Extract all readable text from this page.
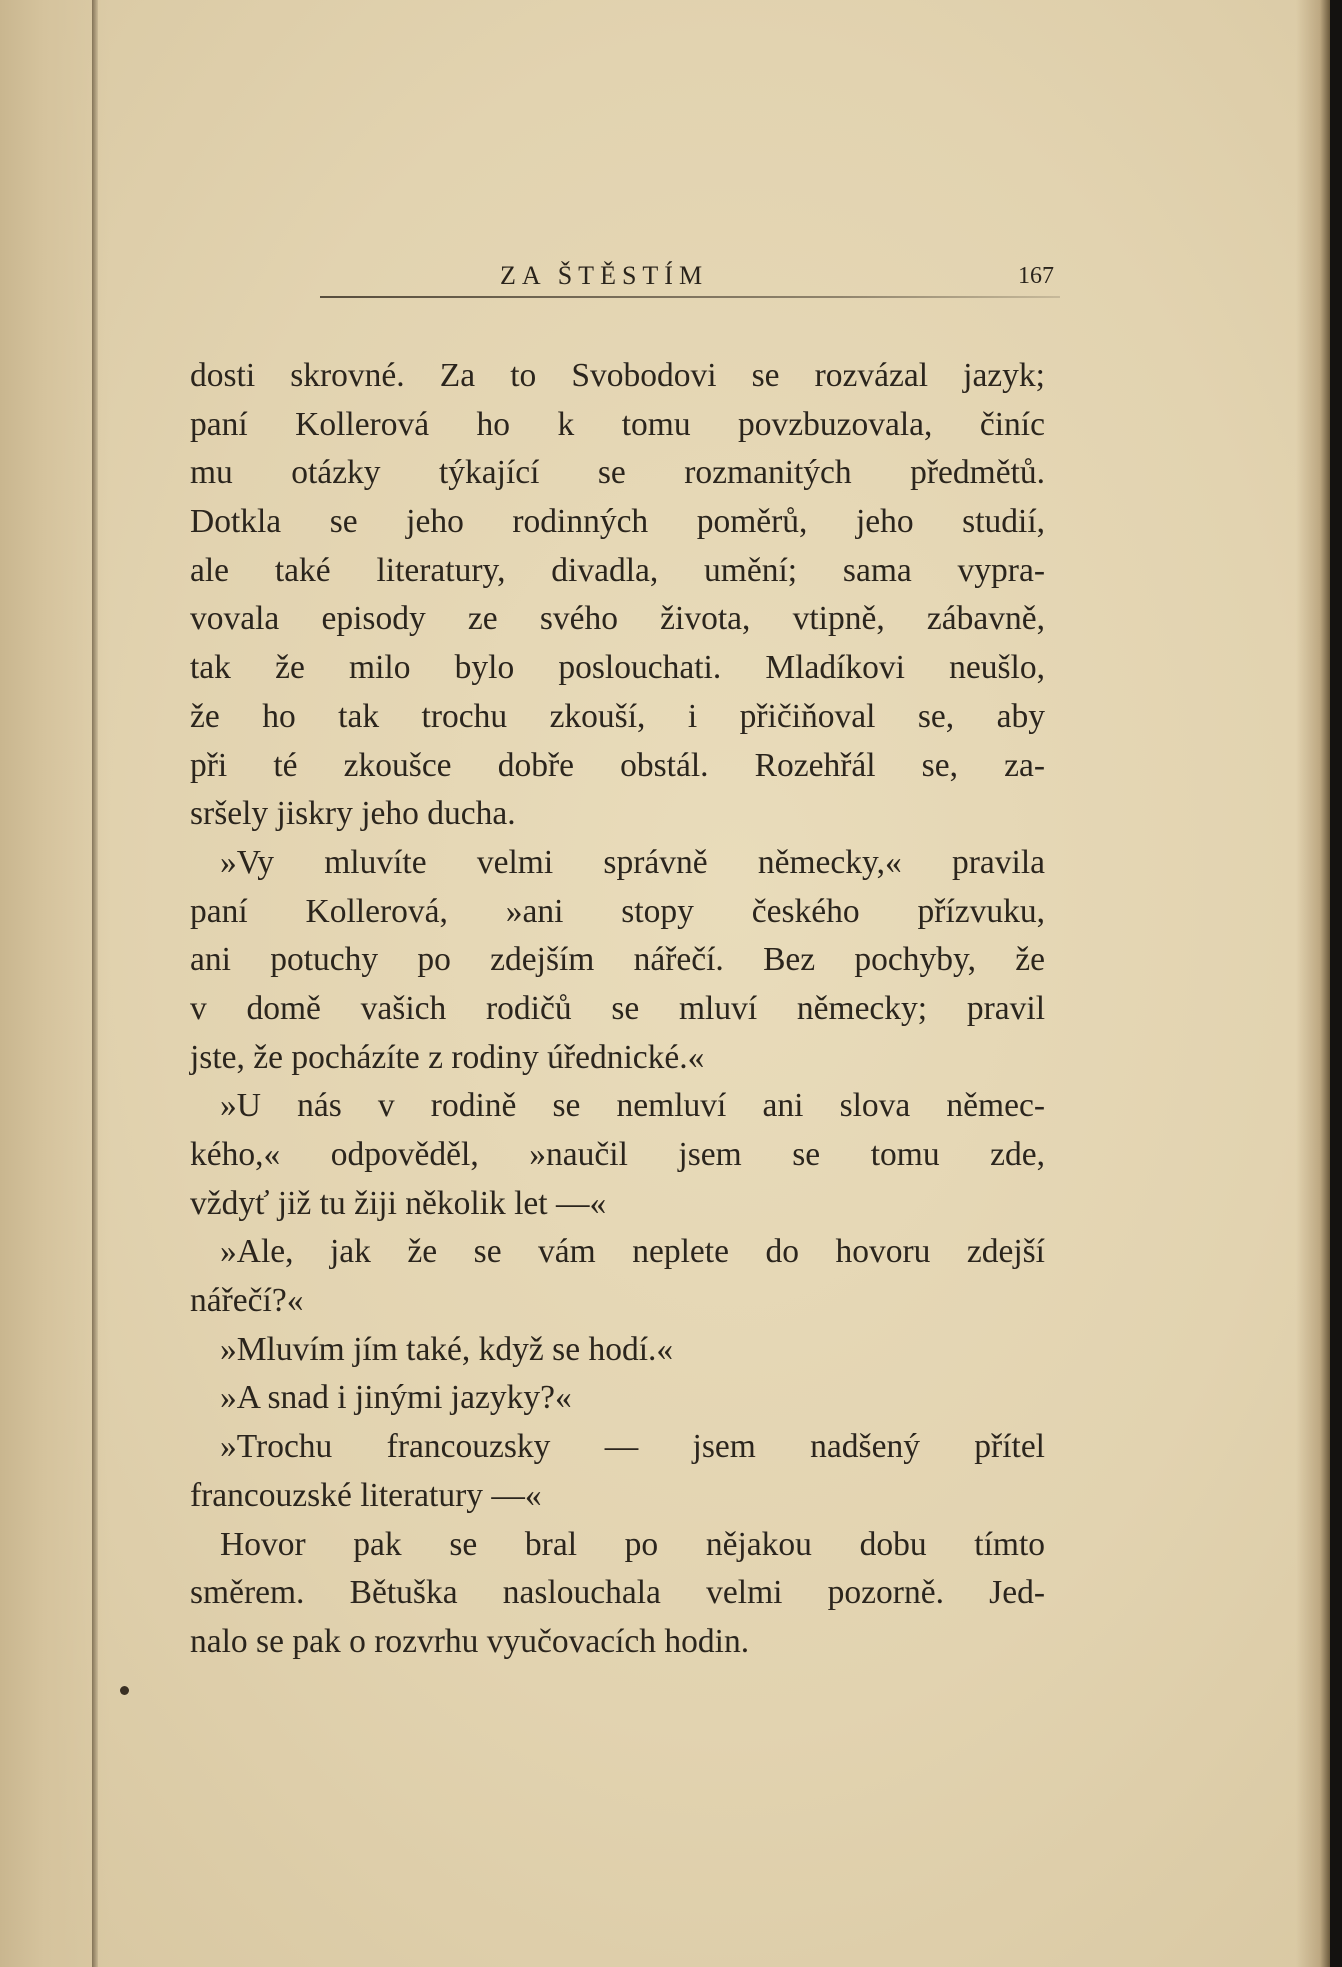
ZA ŠTĚSTÍM	167
dosti skrovné. Za to Svobodovi se rozvázal jazyk;
paní Kollerová ho k tomu povzbuzovala, činíc
mu otázky týkající se rozmanitých předmětů.
Dotkla se jeho rodinných poměrů, jeho studií,
ale také literatury, divadla, umění; sama vypra-
vovala episody ze svého života, vtipně, zábavně,
tak že milo bylo poslouchati. Mladíkovi neušlo,
že ho tak trochu zkouší, i přičiňoval se, aby
při té zkoušce dobře obstál. Rozehřál se, za-
sršely jiskry jeho ducha.
»Vy mluvíte velmi správně německy,« pravila
paní Kollerová, »ani stopy českého přízvuku,
ani potuchy po zdejším nářečí. Bez pochyby, že
v domě vašich rodičů se mluví německy; pravil
jste, že pocházíte z rodiny úřednické.«
»U nás v rodině se nemluví ani slova němec-
kého,« odpověděl, »naučil jsem se tomu zde,
vždyť již tu žiji několik let —«
»Ale, jak že se vám neplete do hovoru zdejší
nářečí?«
»Mluvím jím také, když se hodí.«
»A snad i jinými jazyky?«
»Trochu francouzsky — jsem nadšený přítel
francouzské literatury —«
Hovor pak se bral po nějakou dobu tímto
směrem. Bětuška naslouchala velmi pozorně. Jed-
nalo se pak o rozvrhu vyučovacích hodin.
